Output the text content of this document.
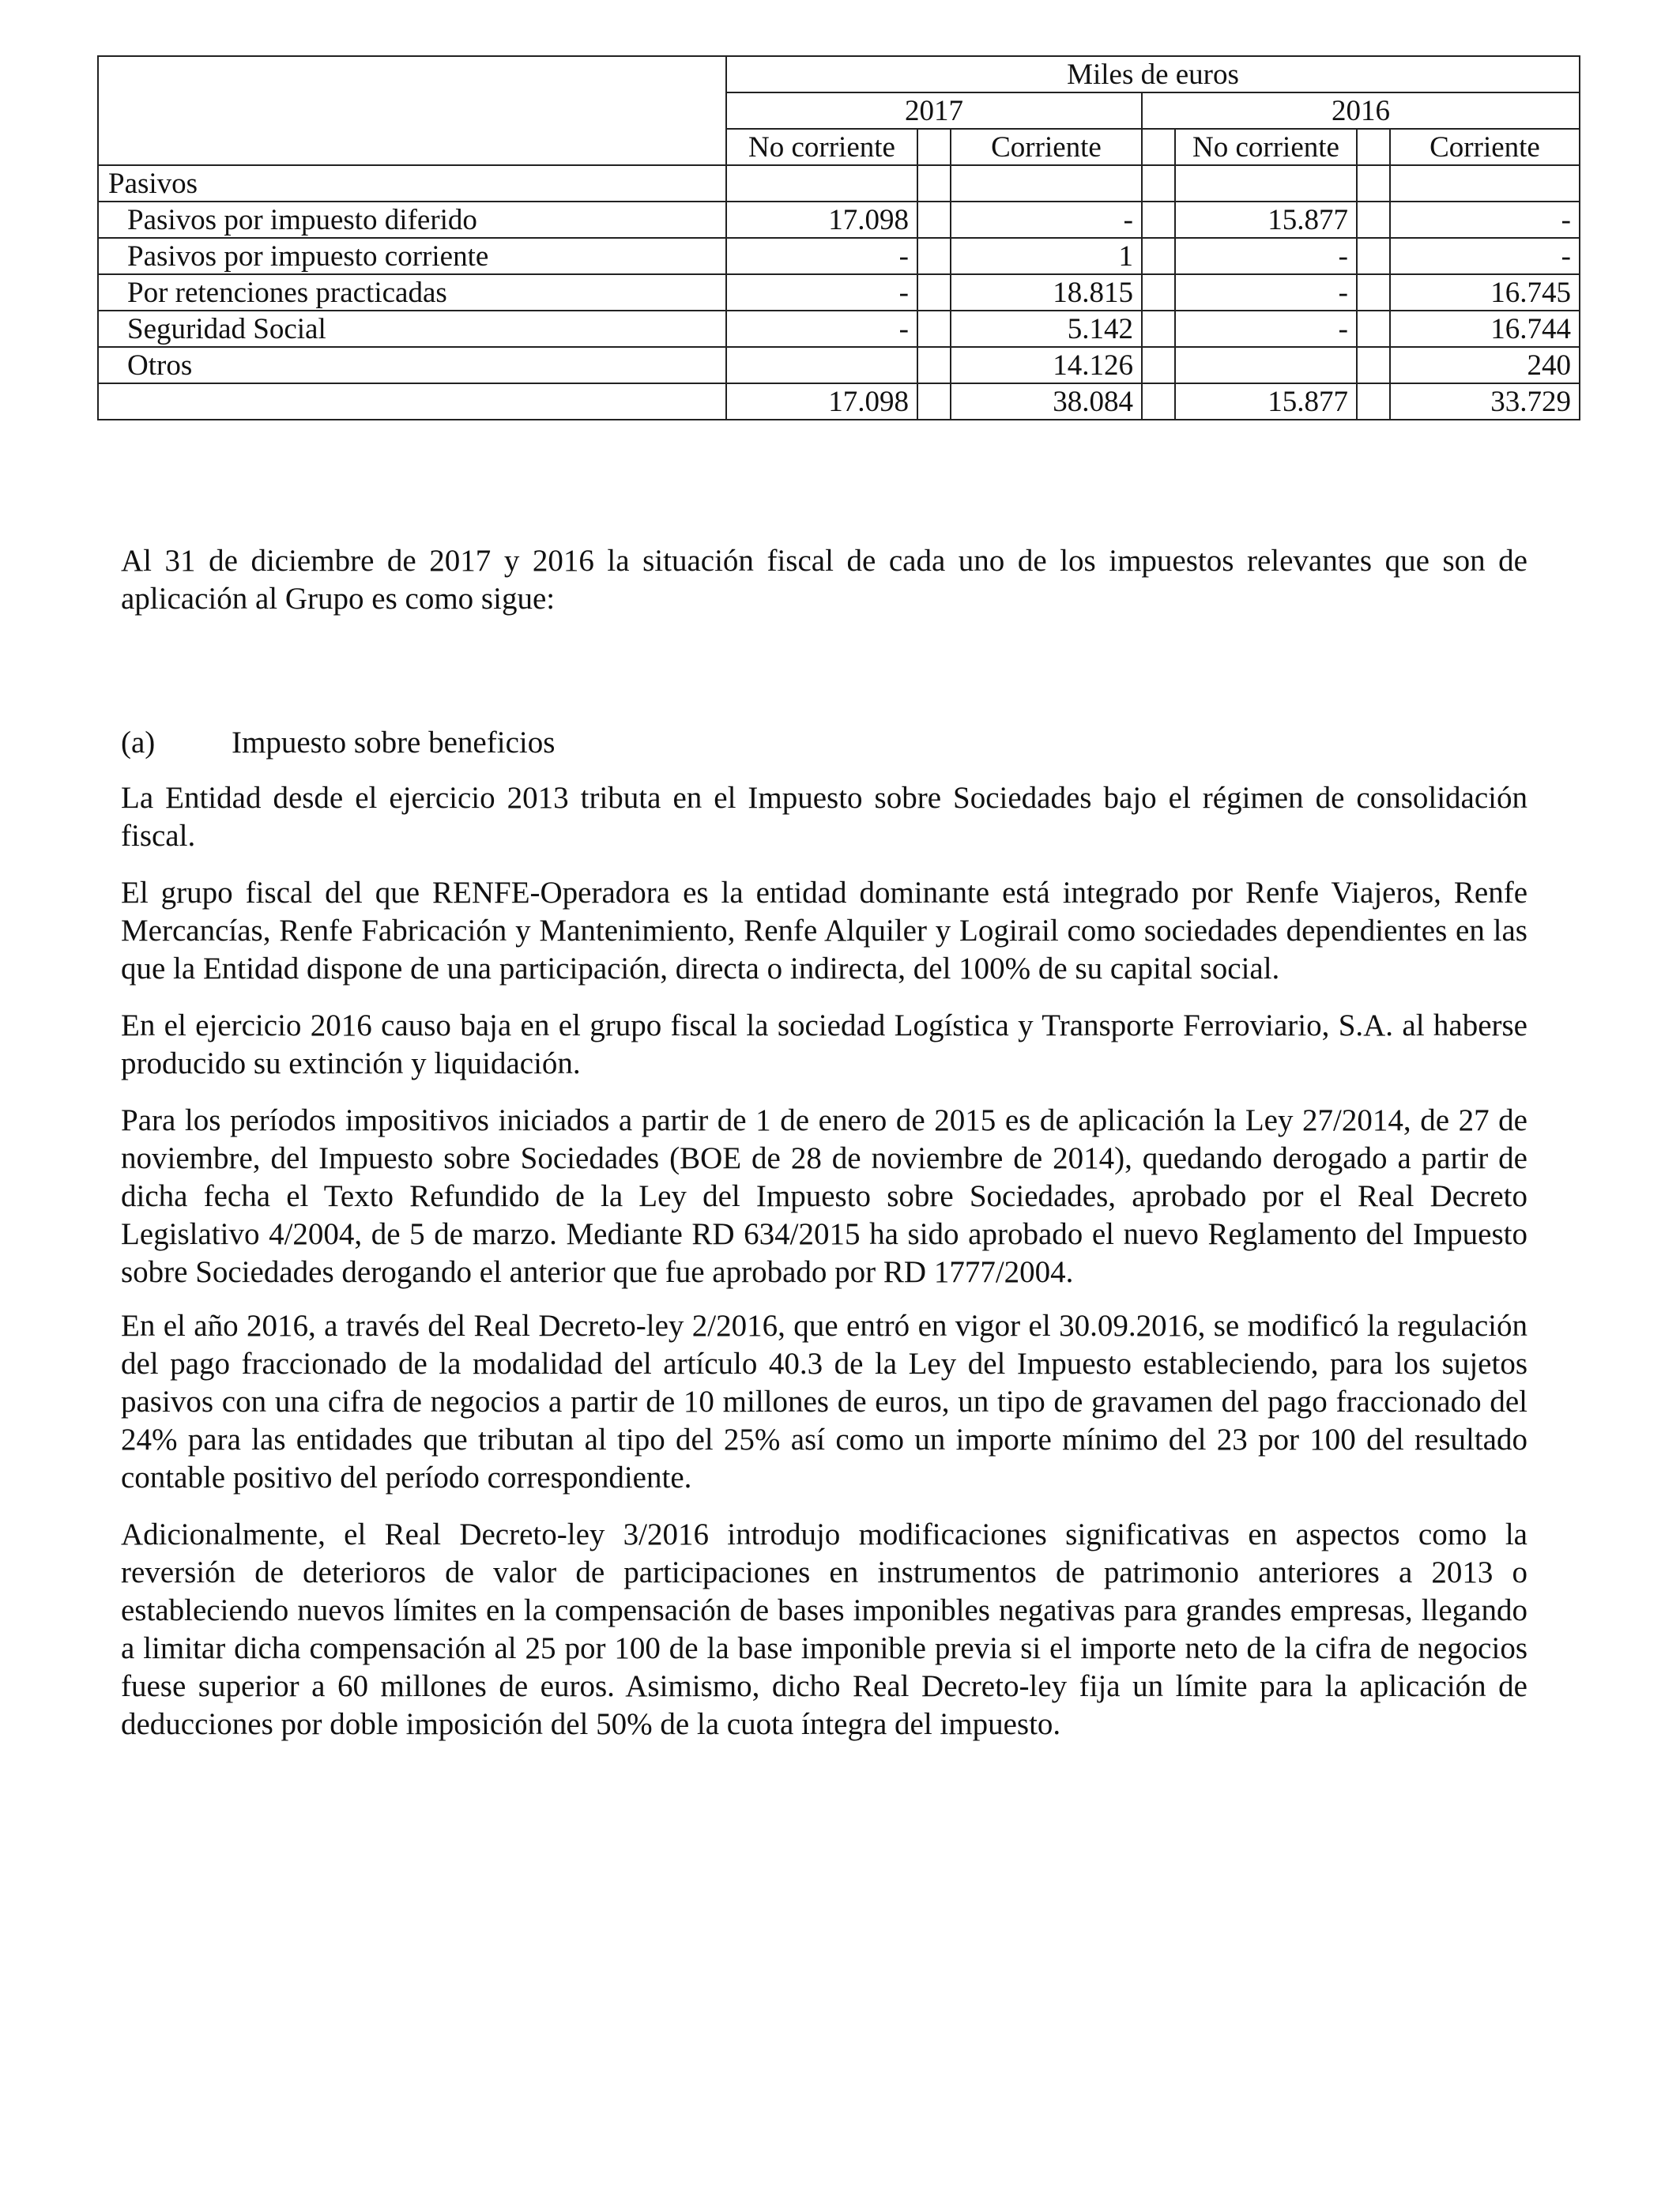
	Miles de euros						
	2017			2016			
	No corriente		Corriente		No corriente		Corriente
Pasivos							
Pasivos por impuesto diferido	17.098		-		15.877		-
Pasivos por impuesto corriente	-		1		-		-
Por retenciones practicadas	-		18.815		-		16.745
Seguridad Social	-		5.142		-		16.744
Otros			14.126				240
	17.098		38.084		15.877		33.729

Al 31 de diciembre de 2017 y 2016 la situación fiscal de cada uno de los impuestos relevantes que son de aplicación al Grupo es como sigue:

(a)	Impuesto sobre beneficios

La Entidad desde el ejercicio 2013 tributa en el Impuesto sobre Sociedades bajo el régimen de consolidación fiscal.

El grupo fiscal del que RENFE-Operadora es la entidad dominante está integrado por Renfe Viajeros, Renfe Mercancías, Renfe Fabricación y Mantenimiento, Renfe Alquiler y Logirail como sociedades dependientes en las que la Entidad dispone de una participación, directa o indirecta, del 100% de su capital social.

En el ejercicio 2016 causo baja en el grupo fiscal la sociedad Logística y Transporte Ferroviario, S.A. al haberse producido su extinción y liquidación.

Para los períodos impositivos iniciados a partir de 1 de enero de 2015 es de aplicación la Ley 27/2014, de 27 de noviembre, del Impuesto sobre Sociedades (BOE de 28 de noviembre de 2014), quedando derogado a partir de dicha fecha el Texto Refundido de la Ley del Impuesto sobre Sociedades, aprobado por el Real Decreto Legislativo 4/2004, de 5 de marzo. Mediante RD 634/2015 ha sido aprobado el nuevo Reglamento del Impuesto sobre Sociedades derogando el anterior que fue aprobado por RD 1777/2004.

En el año 2016, a través del Real Decreto-ley 2/2016, que entró en vigor el 30.09.2016, se modificó la regulación del pago fraccionado de la modalidad del artículo 40.3 de la Ley del Impuesto estableciendo, para los sujetos pasivos con una cifra de negocios a partir de 10 millones de euros, un tipo de gravamen del pago fraccionado del 24% para las entidades que tributan al tipo del 25% así como un importe mínimo del 23 por 100 del resultado contable positivo del período correspondiente.

Adicionalmente, el Real Decreto-ley 3/2016 introdujo modificaciones significativas en aspectos como la reversión de deterioros de valor de participaciones en instrumentos de patrimonio anteriores a 2013 o estableciendo nuevos límites en la compensación de bases imponibles negativas para grandes empresas, llegando a limitar dicha compensación al 25 por 100 de la base imponible previa si el importe neto de la cifra de negocios fuese superior a 60 millones de euros. Asimismo, dicho Real Decreto-ley fija un límite para la aplicación de deducciones por doble imposición del 50% de la cuota íntegra del impuesto.
